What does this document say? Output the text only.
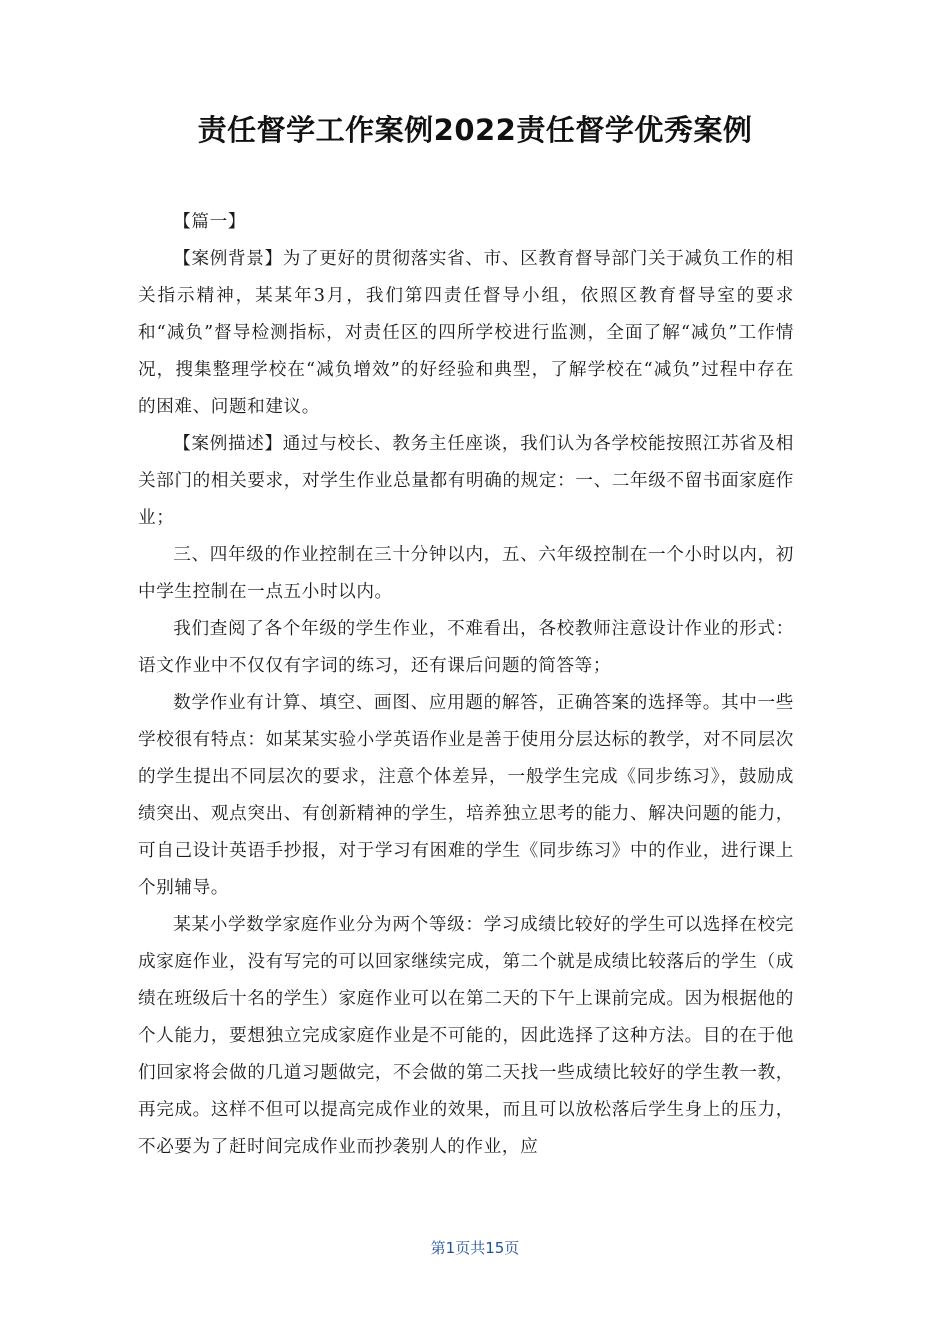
责任督学工作案例2022责任督学优秀案例

【篇一】

【案例背景】为了更好的贯彻落实省、市、区教育督导部门关于减负工作的相关指示精神，某某年3月，我们第四责任督导小组，依照区教育督导室的要求和“减负”督导检测指标，对责任区的四所学校进行监测，全面了解“减负”工作情况，搜集整理学校在“减负增效”的好经验和典型，了解学校在“减负”过程中存在的困难、问题和建议。

【案例描述】通过与校长、教务主任座谈，我们认为各学校能按照江苏省及相关部门的相关要求，对学生作业总量都有明确的规定：一、二年级不留书面家庭作业；

三、四年级的作业控制在三十分钟以内，五、六年级控制在一个小时以内，初中学生控制在一点五小时以内。

我们查阅了各个年级的学生作业，不难看出，各校教师注意设计作业的形式：语文作业中不仅仅有字词的练习，还有课后问题的简答等；

数学作业有计算、填空、画图、应用题的解答，正确答案的选择等。其中一些学校很有特点：如某某实验小学英语作业是善于使用分层达标的教学，对不同层次的学生提出不同层次的要求，注意个体差异，一般学生完成《同步练习》，鼓励成绩突出、观点突出、有创新精神的学生，培养独立思考的能力、解决问题的能力，可自己设计英语手抄报，对于学习有困难的学生《同步练习》中的作业，进行课上个别辅导。

某某小学数学家庭作业分为两个等级：学习成绩比较好的学生可以选择在校完成家庭作业，没有写完的可以回家继续完成，第二个就是成绩比较落后的学生（成绩在班级后十名的学生）家庭作业可以在第二天的下午上课前完成。因为根据他的个人能力，要想独立完成家庭作业是不可能的，因此选择了这种方法。目的在于他们回家将会做的几道习题做完，不会做的第二天找一些成绩比较好的学生教一教，再完成。这样不但可以提高完成作业的效果，而且可以放松落后学生身上的压力，不必要为了赶时间完成作业而抄袭别人的作业，应

第1页共15页
